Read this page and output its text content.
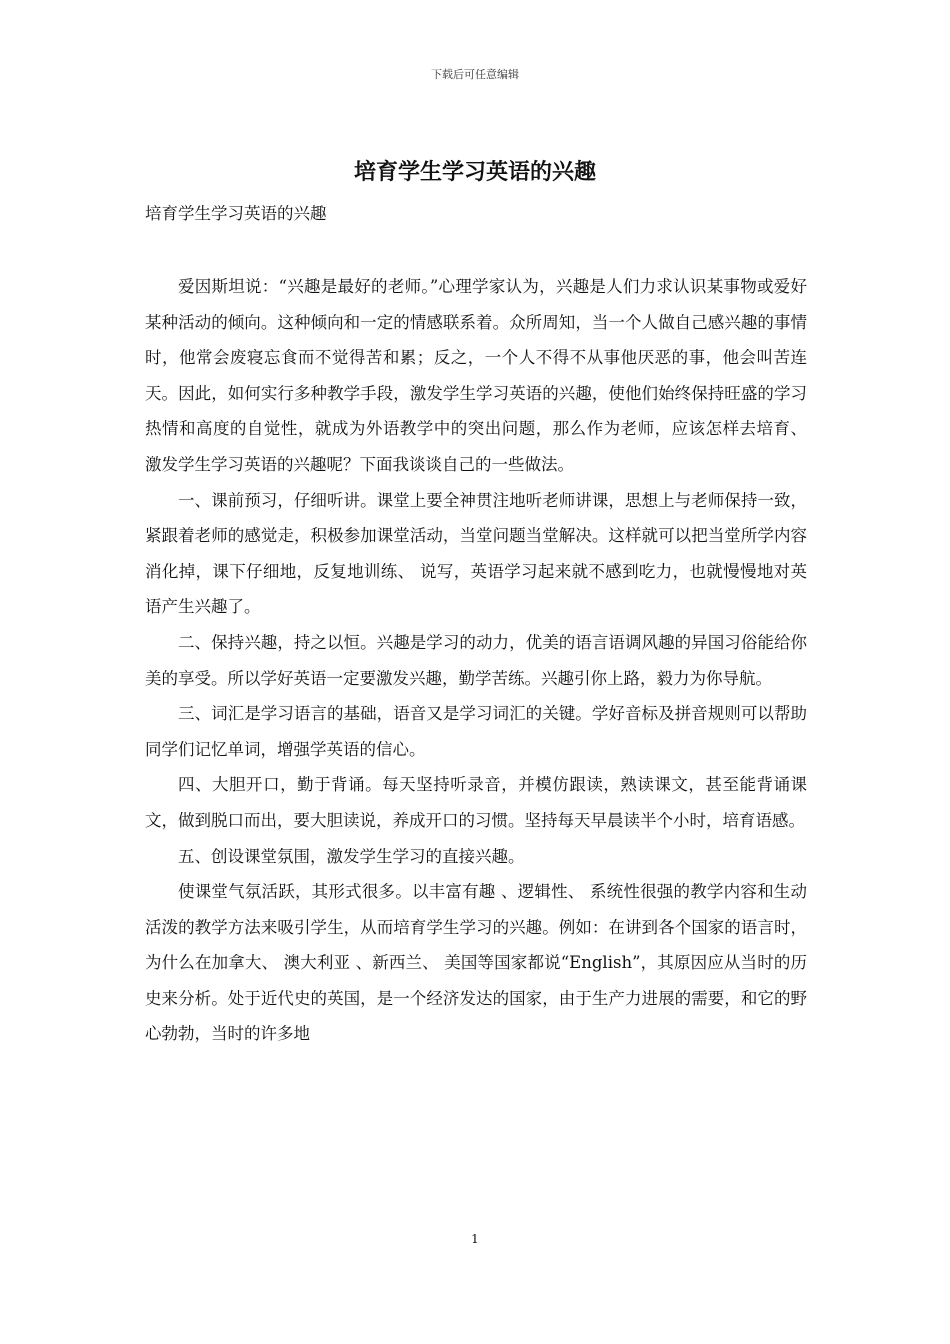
下载后可任意编辑
培育学生学习英语的兴趣

培育学生学习英语的兴趣

爱因斯坦说：“兴趣是最好的老师。”心理学家认为，兴趣是人们力求认识某事物或爱好某种活动的倾向。这种倾向和一定的情感联系着。众所周知，当一个人做自己感兴趣的事情时，他常会废寝忘食而不觉得苦和累；反之，一个人不得不从事他厌恶的事，他会叫苦连天。因此，如何实行多种教学手段，激发学生学习英语的兴趣，使他们始终保持旺盛的学习热情和高度的自觉性，就成为外语教学中的突出问题，那么作为老师，应该怎样去培育、 激发学生学习英语的兴趣呢？下面我谈谈自己的一些做法。

一、课前预习，仔细听讲。课堂上要全神贯注地听老师讲课，思想上与老师保持一致，紧跟着老师的感觉走，积极参加课堂活动，当堂问题当堂解决。这样就可以把当堂所学内容消化掉，课下仔细地，反复地训练、 说写，英语学习起来就不感到吃力，也就慢慢地对英语产生兴趣了。

二、保持兴趣，持之以恒。兴趣是学习的动力，优美的语言语调风趣的异国习俗能给你美的享受。所以学好英语一定要激发兴趣，勤学苦练。兴趣引你上路，毅力为你导航。

三、词汇是学习语言的基础，语音又是学习词汇的关键。学好音标及拼音规则可以帮助同学们记忆单词，增强学英语的信心。

四、大胆开口，勤于背诵。每天坚持听录音，并模仿跟读，熟读课文，甚至能背诵课文，做到脱口而出，要大胆读说，养成开口的习惯。坚持每天早晨读半个小时，培育语感。

五、创设课堂氛围，激发学生学习的直接兴趣。

使课堂气氛活跃，其形式很多。以丰富有趣 、逻辑性、 系统性很强的教学内容和生动活泼的教学方法来吸引学生，从而培育学生学习的兴趣。例如：在讲到各个国家的语言时，为什么在加拿大、 澳大利亚 、新西兰、 美国等国家都说“English”，其原因应从当时的历史来分析。处于近代史的英国，是一个经济发达的国家，由于生产力进展的需要，和它的野心勃勃，当时的许多地

1
